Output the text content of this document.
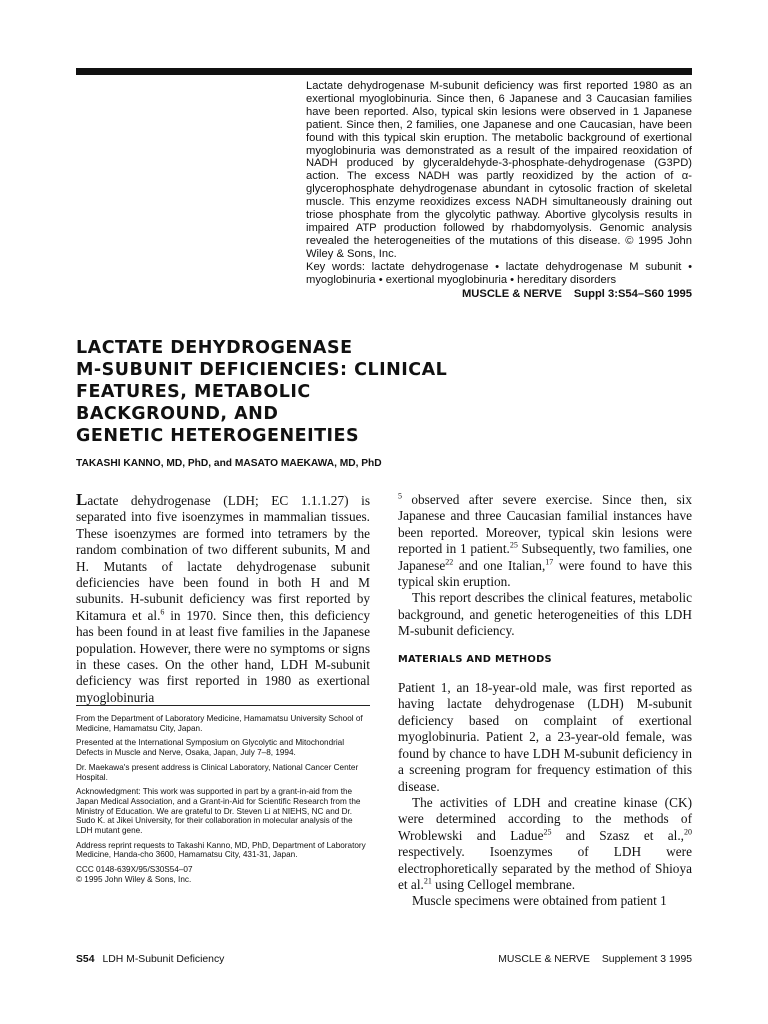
Lactate dehydrogenase M-subunit deficiency was first reported 1980 as an exertional myoglobinuria. Since then, 6 Japanese and 3 Caucasian families have been reported. Also, typical skin lesions were observed in 1 Japanese patient. Since then, 2 families, one Japanese and one Caucasian, have been found with this typical skin eruption. The metabolic background of exertional myoglobinuria was demonstrated as a result of the impaired reoxidation of NADH produced by glyceraldehyde-3-phosphate-dehydrogenase (G3PD) action. The excess NADH was partly reoxidized by the action of α-glycerophosphate dehydrogenase abundant in cytosolic fraction of skeletal muscle. This enzyme reoxidizes excess NADH simultaneously draining out triose phosphate from the glycolytic pathway. Abortive glycolysis results in impaired ATP production followed by rhabdomyolysis. Genomic analysis revealed the heterogeneities of the mutations of this disease. © 1995 John Wiley & Sons, Inc.

Key words: lactate dehydrogenase • lactate dehydrogenase M subunit • myoglobinuria • exertional myoglobinuria • hereditary disorders

MUSCLE & NERVE Suppl 3:S54–S60 1995
LACTATE DEHYDROGENASE
M-SUBUNIT DEFICIENCIES: CLINICAL
FEATURES, METABOLIC
BACKGROUND, AND
GENETIC HETEROGENEITIES
TAKASHI KANNO, MD, PhD, and MASATO MAEKAWA, MD, PhD

Lactate dehydrogenase (LDH; EC 1.1.1.27) is separated into five isoenzymes in mammalian tissues. These isoenzymes are formed into tetramers by the random combination of two different subunits, M and H. Mutants of lactate dehydrogenase subunit deficiencies have been found in both H and M subunits. H-subunit deficiency was first reported by Kitamura et al.$^6$ in 1970. Since then, this deficiency has been found in at least five families in the Japanese population. However, there were no symptoms or signs in these cases. On the other hand, LDH M-subunit deficiency was first reported in 1980 as exertional myoglobinuria

From the Department of Laboratory Medicine, Hamamatsu University School of Medicine, Hamamatsu City, Japan.

Presented at the International Symposium on Glycolytic and Mitochondrial Defects in Muscle and Nerve, Osaka, Japan, July 7–8, 1994.

Dr. Maekawa's present address is Clinical Laboratory, National Cancer Center Hospital.

Acknowledgment: This work was supported in part by a grant-in-aid from the Japan Medical Association, and a Grant-in-Aid for Scientific Research from the Ministry of Education. We are grateful to Dr. Steven Li at NIEHS, NC and Dr. Sudo K. at Jikei University, for their collaboration in molecular analysis of the LDH mutant gene.

Address reprint requests to Takashi Kanno, MD, PhD, Department of Laboratory Medicine, Handa-cho 3600, Hamamatsu City, 431-31, Japan.

CCC 0148-639X/95/S30S54–07

© 1995 John Wiley & Sons, Inc.

$^5$ observed after severe exercise. Since then, six Japanese and three Caucasian familial instances have been reported. Moreover, typical skin lesions were reported in 1 patient.$^{25}$ Subsequently, two families, one Japanese$^{22}$ and one Italian,$^{17}$ were found to have this typical skin eruption.

This report describes the clinical features, metabolic background, and genetic heterogeneities of this LDH M-subunit deficiency.

MATERIALS AND METHODS

Patient 1, an 18-year-old male, was first reported as having lactate dehydrogenase (LDH) M-subunit deficiency based on complaint of exertional myoglobinuria. Patient 2, a 23-year-old female, was found by chance to have LDH M-subunit deficiency in a screening program for frequency estimation of this disease.

The activities of LDH and creatine kinase (CK) were determined according to the methods of Wroblewski and Ladue$^{25}$ and Szasz et al.,$^{20}$ respectively. Isoenzymes of LDH were electrophoretically separated by the method of Shioya et al.$^{21}$ using Cellogel membrane.

Muscle specimens were obtained from patient 1

S54 LDH M-Subunit Deficiency	MUSCLE & NERVE Supplement 3 1995
